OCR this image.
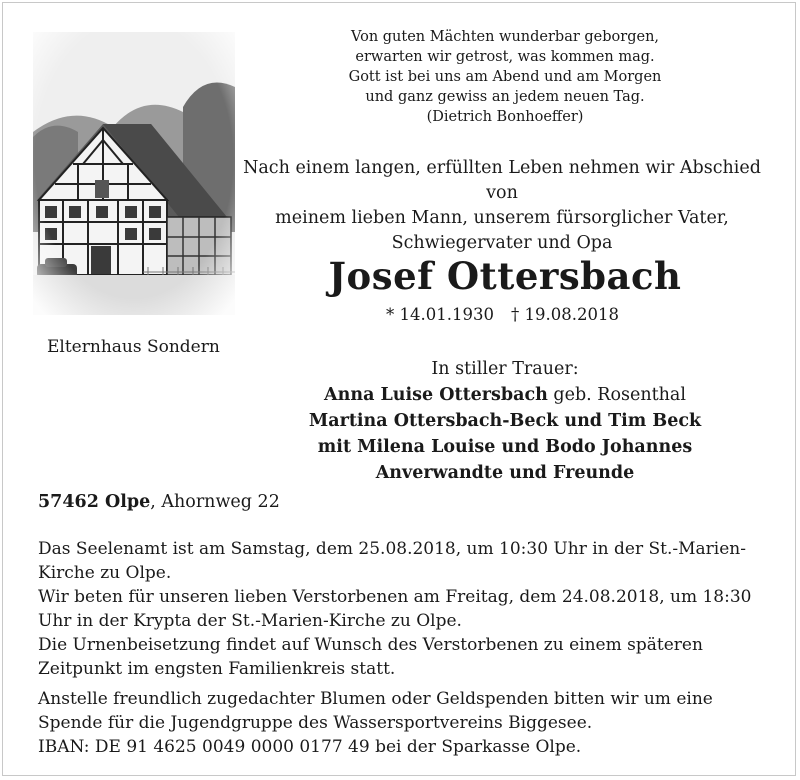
Elternhaus Sondern
Von guten Mächten wunderbar geborgen,
erwarten wir getrost, was kommen mag.
Gott ist bei uns am Abend und am Morgen
und ganz gewiss an jedem neuen Tag.
(Dietrich Bonhoeffer)
Nach einem langen, erfüllten Leben nehmen wir Abschied von
meinem lieben Mann, unserem fürsorglicher Vater,
Schwiegervater und Opa
Josef Ottersbach
* 14.01.1930 † 19.08.2018
In stiller Trauer:
Anna Luise Ottersbach geb. Rosenthal
Martina Ottersbach-Beck und Tim Beck
mit Milena Louise und Bodo Johannes
Anverwandte und Freunde
57462 Olpe, Ahornweg 22

Das Seelenamt ist am Samstag, dem 25.08.2018, um 10:30 Uhr in der St.-Marien-Kirche zu Olpe.

Wir beten für unseren lieben Verstorbenen am Freitag, dem 24.08.2018, um 18:30 Uhr in der Krypta der St.-Marien-Kirche zu Olpe.

Die Urnenbeisetzung findet auf Wunsch des Verstorbenen zu einem späteren Zeitpunkt im engsten Familienkreis statt.

Anstelle freundlich zugedachter Blumen oder Geldspenden bitten wir um eine Spende für die Jugendgruppe des Wassersportvereins Biggesee.

IBAN: DE 91 4625 0049 0000 0177 49 bei der Sparkasse Olpe.
